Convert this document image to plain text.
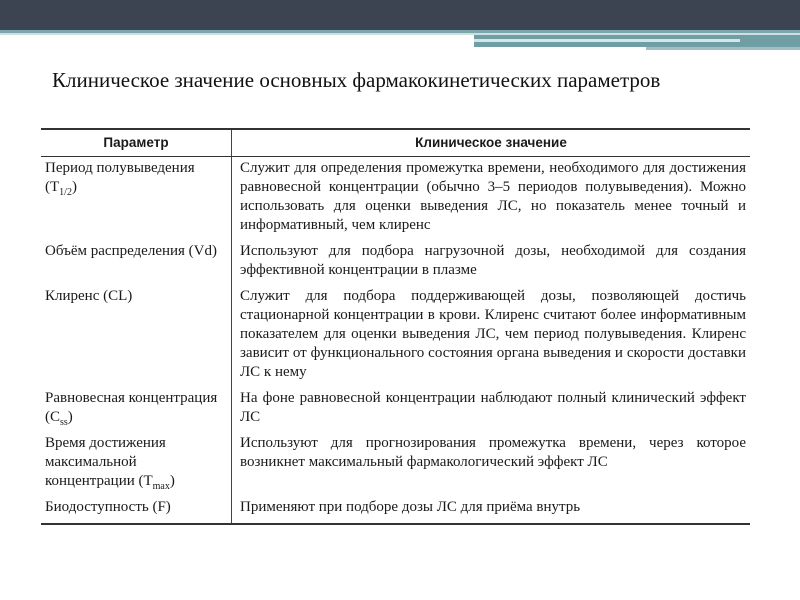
Клиническое значение основных фармакокинетических параметров
Параметр	Клиническое значение
Период полувыведения $(T_{1/2})$	Служит для определения промежутка времени, необходимого для достижения равновесной концентрации (обычно 3–5 периодов полувыведения). Можно использовать для оценки выведения ЛС, но показатель менее точный и информативный, чем клиренс
Объём распределения (Vd)	Используют для подбора нагрузочной дозы, необходимой для создания эффективной концентрации в плазме
Клиренс (CL)	Служит для подбора поддерживающей дозы, позволяющей достичь стационарной концентрации в крови. Клиренс считают более информативным показателем для оценки выведения ЛС, чем период полувыведения. Клиренс зависит от функционального состояния органа выведения и скорости доставки ЛС к нему
Равновесная концентрация $(C_{ss})$	На фоне равновесной концентрации наблюдают полный клинический эффект ЛС
Время достижения максимальной концентрации $(T_{max})$	Используют для прогнозирования промежутка времени, через которое возникнет максимальный фармакологический эффект ЛС
Биодоступность (F)	Применяют при подборе дозы ЛС для приёма внутрь
